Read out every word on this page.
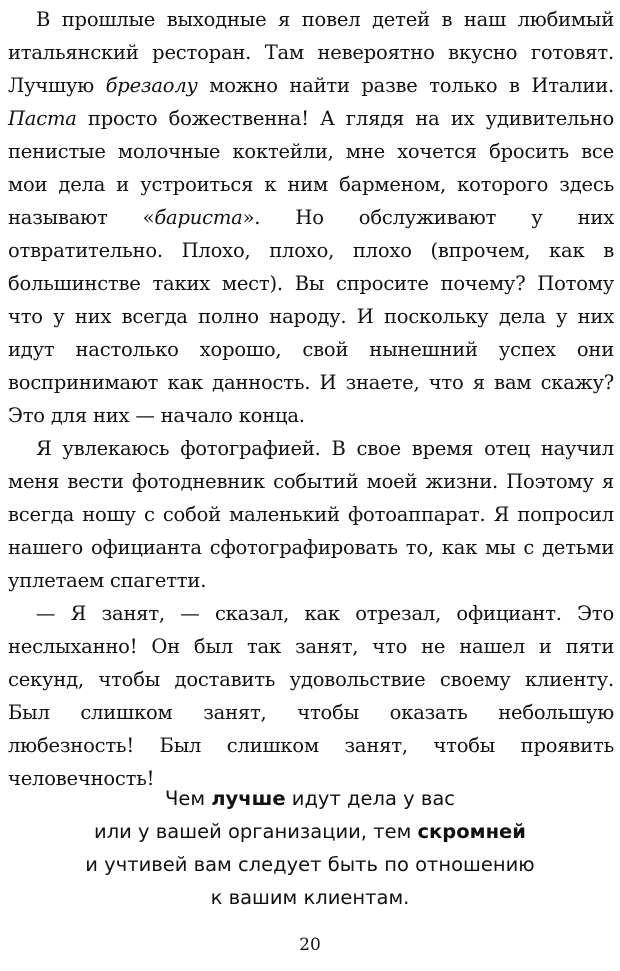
В прошлые выходные я повел детей в наш любимый итальянский ресторан. Там невероятно вкусно готовят. Лучшую брезаолу можно найти разве только в Италии. Паста просто божественна! А глядя на их удивительно пенистые молочные коктейли, мне хочется бросить все мои дела и устроиться к ним барменом, которого здесь называют «бариста». Но обслуживают у них отвратительно. Плохо, плохо, плохо (впрочем, как в большинстве таких мест). Вы спросите почему? Потому что у них всегда полно народу. И поскольку дела у них идут настолько хорошо, свой нынешний успех они воспринимают как данность. И знаете, что я вам скажу? Это для них — начало конца.

Я увлекаюсь фотографией. В свое время отец научил меня вести фотодневник событий моей жизни. Поэтому я всегда ношу с собой маленький фотоаппарат. Я попросил нашего официанта сфотографировать то, как мы с детьми уплетаем спагетти.

— Я занят, — сказал, как отрезал, официант. Это неслыханно! Он был так занят, что не нашел и пяти секунд, чтобы доставить удовольствие своему клиенту. Был слишком занят, чтобы оказать небольшую любезность! Был слишком занят, чтобы проявить человечность!

Чем лучше идут дела у вас
или у вашей организации, тем скромней
и учтивей вам следует быть по отношению
к вашим клиентам.
20
